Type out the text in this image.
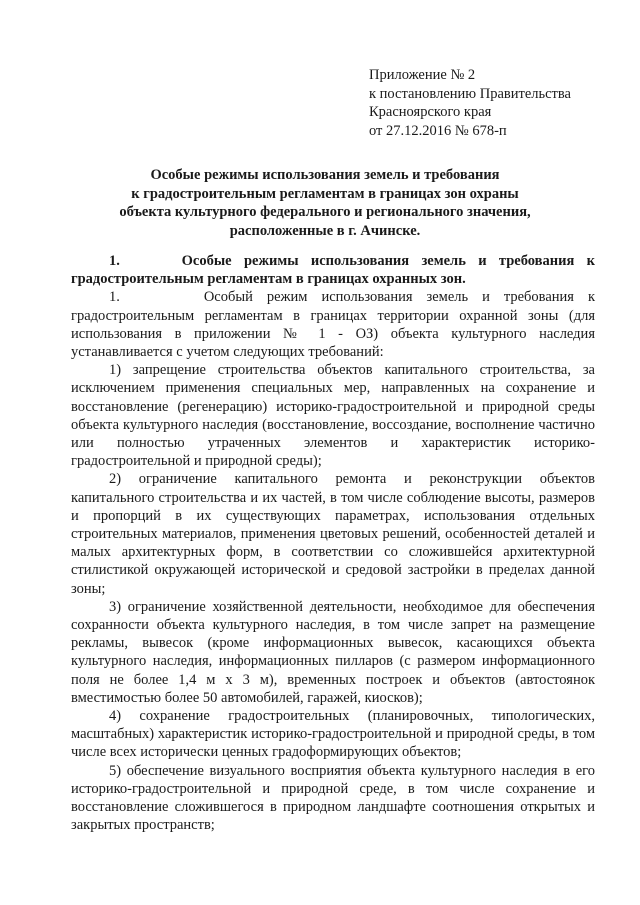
Приложение № 2
к постановлению Правительства
Красноярского края
от 27.12.2016 № 678-п
Особые режимы использования земель и требования
к градостроительным регламентам в границах зон охраны
объекта культурного федерального и регионального значения,
расположенные в г. Ачинске.

1.	Особые режимы использования земель и требования к градостроительным регламентам в границах охранных зон.

1.	Особый режим использования земель и требования к градостроительным регламентам в границах территории охранной зоны (для использования в приложении № 1 - ОЗ) объекта культурного наследия устанавливается с учетом следующих требований:

1) запрещение строительства объектов капитального строительства, за исключением применения специальных мер, направленных на сохранение и восстановление (регенерацию) историко-градостроительной и природной среды объекта культурного наследия (восстановление, воссоздание, восполнение частично или полностью утраченных элементов и характеристик историко-градостроительной и природной среды);

2) ограничение капитального ремонта и реконструкции объектов капитального строительства и их частей, в том числе соблюдение высоты, размеров и пропорций в их существующих параметрах, использования отдельных строительных материалов, применения цветовых решений, особенностей деталей и малых архитектурных форм, в соответствии со сложившейся архитектурной стилистикой окружающей исторической и средовой застройки в пределах данной зоны;

3) ограничение хозяйственной деятельности, необходимое для обеспечения сохранности объекта культурного наследия, в том числе запрет на размещение рекламы, вывесок (кроме информационных вывесок, касающихся объекта культурного наследия, информационных пилларов (с размером информационного поля не более 1,4 м х 3 м), временных построек и объектов (автостоянок вместимостью более 50 автомобилей, гаражей, киосков);

4) сохранение градостроительных (планировочных, типологических, масштабных) характеристик историко-градостроительной и природной среды, в том числе всех исторически ценных градоформирующих объектов;

5) обеспечение визуального восприятия объекта культурного наследия в его историко-градостроительной и природной среде, в том числе сохранение и восстановление сложившегося в природном ландшафте соотношения открытых и закрытых пространств;
